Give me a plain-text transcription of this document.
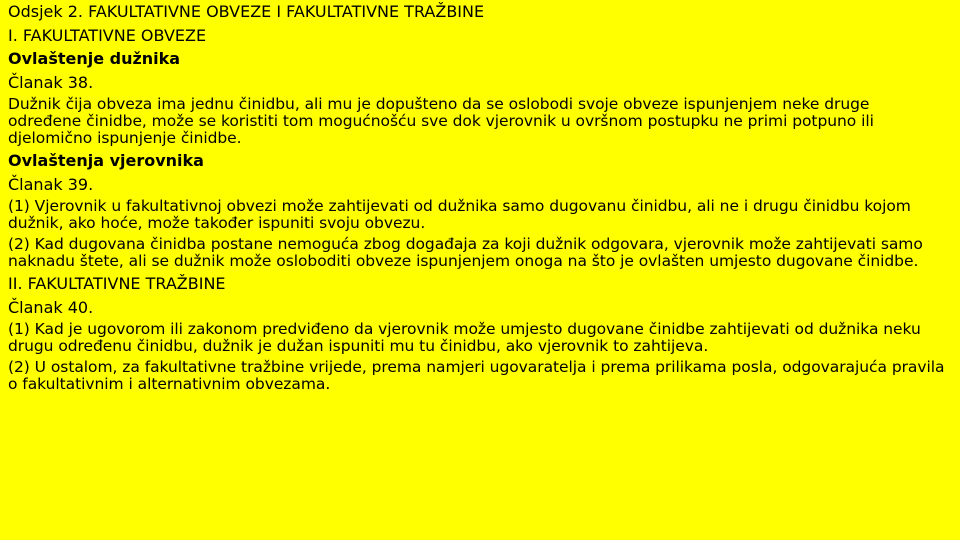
Odsjek 2. FAKULTATIVNE OBVEZE I FAKULTATIVNE TRAŽBINE

I. FAKULTATIVNE OBVEZE

Ovlaštenje dužnika

Članak 38.

Dužnik čija obveza ima jednu činidbu, ali mu je dopušteno da se oslobodi svoje obveze ispunjenjem neke druge određene činidbe, može se koristiti tom mogućnošću sve dok vjerovnik u ovršnom postupku ne primi potpuno ili djelomično ispunjenje činidbe.

Ovlaštenja vjerovnika

Članak 39.

(1) Vjerovnik u fakultativnoj obvezi može zahtijevati od dužnika samo dugovanu činidbu, ali ne i drugu činidbu kojom dužnik, ako hoće, može također ispuniti svoju obvezu.

(2) Kad dugovana činidba postane nemoguća zbog događaja za koji dužnik odgovara, vjerovnik može zahtijevati samo naknadu štete, ali se dužnik može osloboditi obveze ispunjenjem onoga na što je ovlašten umjesto dugovane činidbe.

II. FAKULTATIVNE TRAŽBINE

Članak 40.

(1) Kad je ugovorom ili zakonom predviđeno da vjerovnik može umjesto dugovane činidbe zahtijevati od dužnika neku drugu određenu činidbu, dužnik je dužan ispuniti mu tu činidbu, ako vjerovnik to zahtijeva.

(2) U ostalom, za fakultativne tražbine vrijede, prema namjeri ugovaratelja i prema prilikama posla, odgovarajuća pravila o fakultativnim i alternativnim obvezama.
